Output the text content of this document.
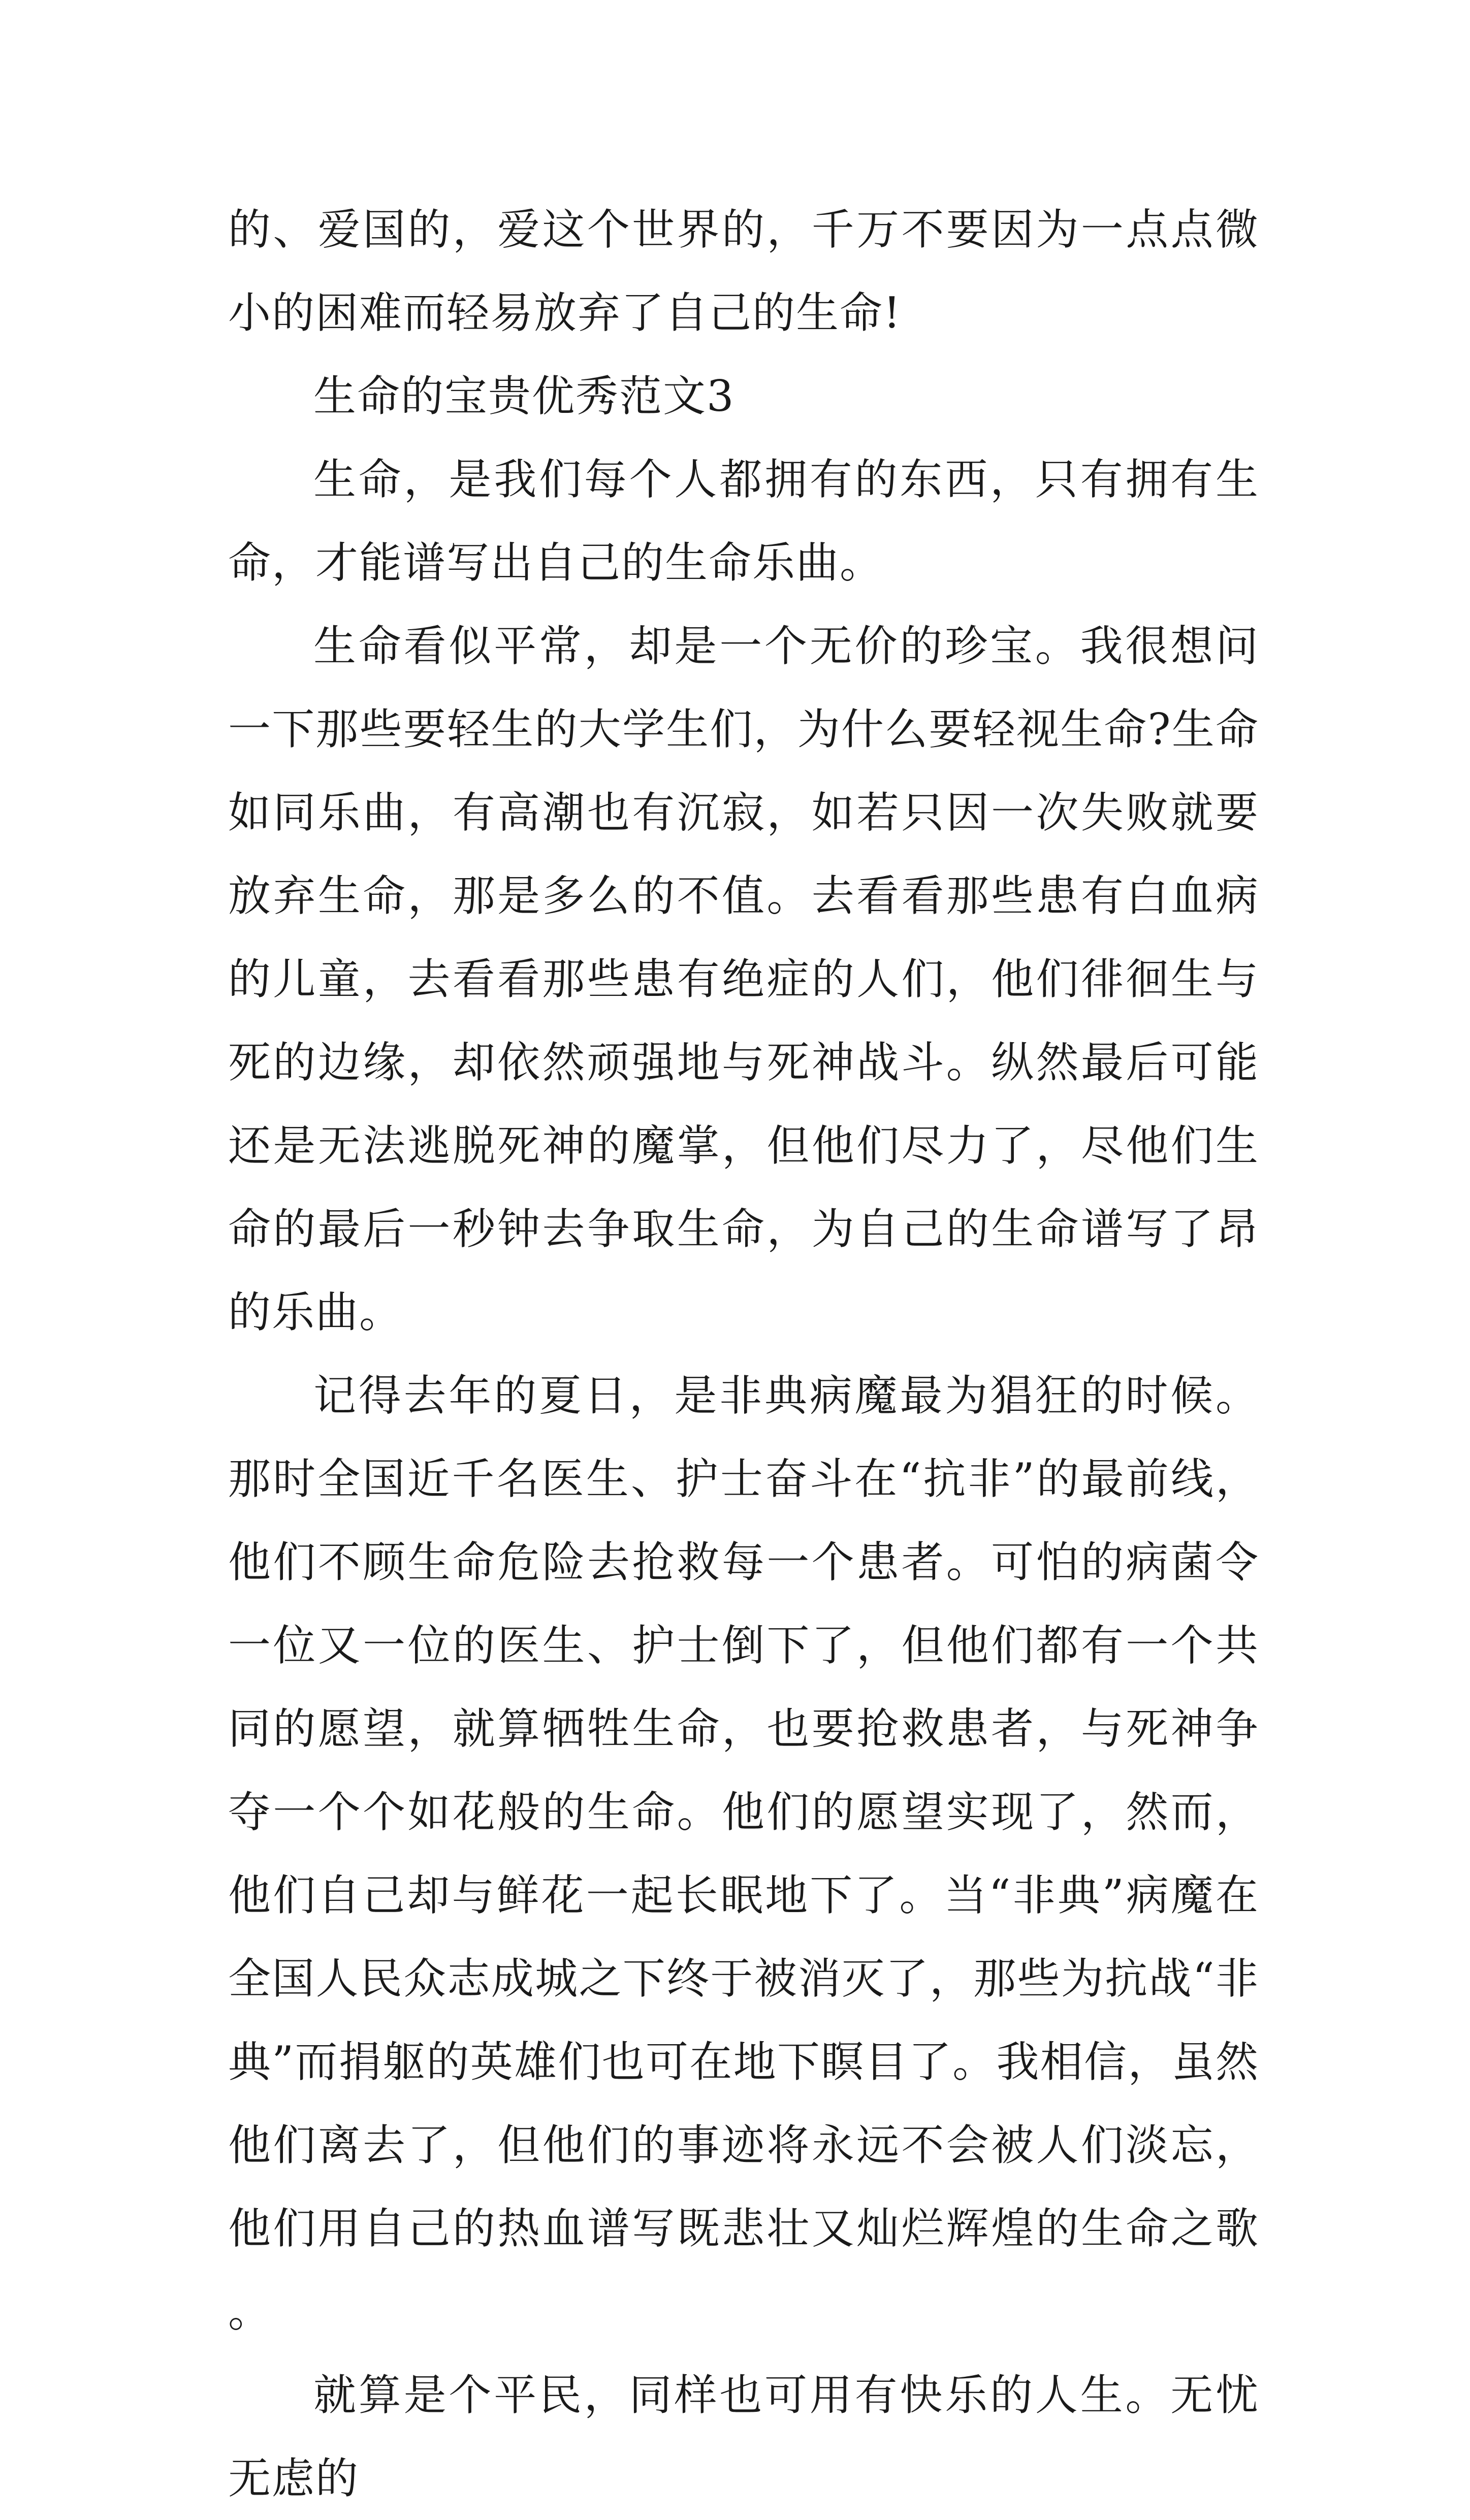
的、爱国的，爱这个世界的，千万不要因为一点点微小的困难而轻易放弃了自己的生命!

生命的宝贵优秀范文3

生命，是我们每个人都拥有的东西，只有拥有生命，才能谱写出自己的生命乐曲。

生命看似平常，却是一个无价的珍宝。我很想问一下那些要轻生的大学生们，为什么要轻视生命?生命如同乐曲，有高潮也有沉寂，如若只因一次失败就要放弃生命，那是多么的不值。去看看那些患有白血病的儿童，去看看那些患有绝症的人们，他们徘徊生与死的边缘，却依然顽强地与死神战斗。纵然最后可能还是无法逃脱死神的魔掌，但他们尽力了，尽他们生命的最后一秒钟去争取生命，为自己的生命谱写了昂的乐曲。

记得去年的夏日，是非典病魔最为猖狂的时候。那时全国近千名医生、护士奋斗在“抗非”的最前线，他们不顾生命危险去抢救每一个患者。可怕的病菌令一位又一位的医生、护士倒下了，但他们都有一个共同的愿望，就算牺牲生命，也要抢救患者，与死神争夺一个个如花般的生命。他们的愿望实现了，然而，他们自己却与鲜花一起长眠地下了。当“非典”病魔在全国人民众志成城之下终于被消灭了，那些为抗战“非典”而捐躯的英雄们也可在地下瞑目了。我相信，虽然他们离去了，但他们的事迹将永远不会被人们淡忘，他们用自己的热血谱写既悲壮又灿烂辉煌的生命之歌。

就算是个平民，同样也可用有快乐的人生。无忧无虑的
